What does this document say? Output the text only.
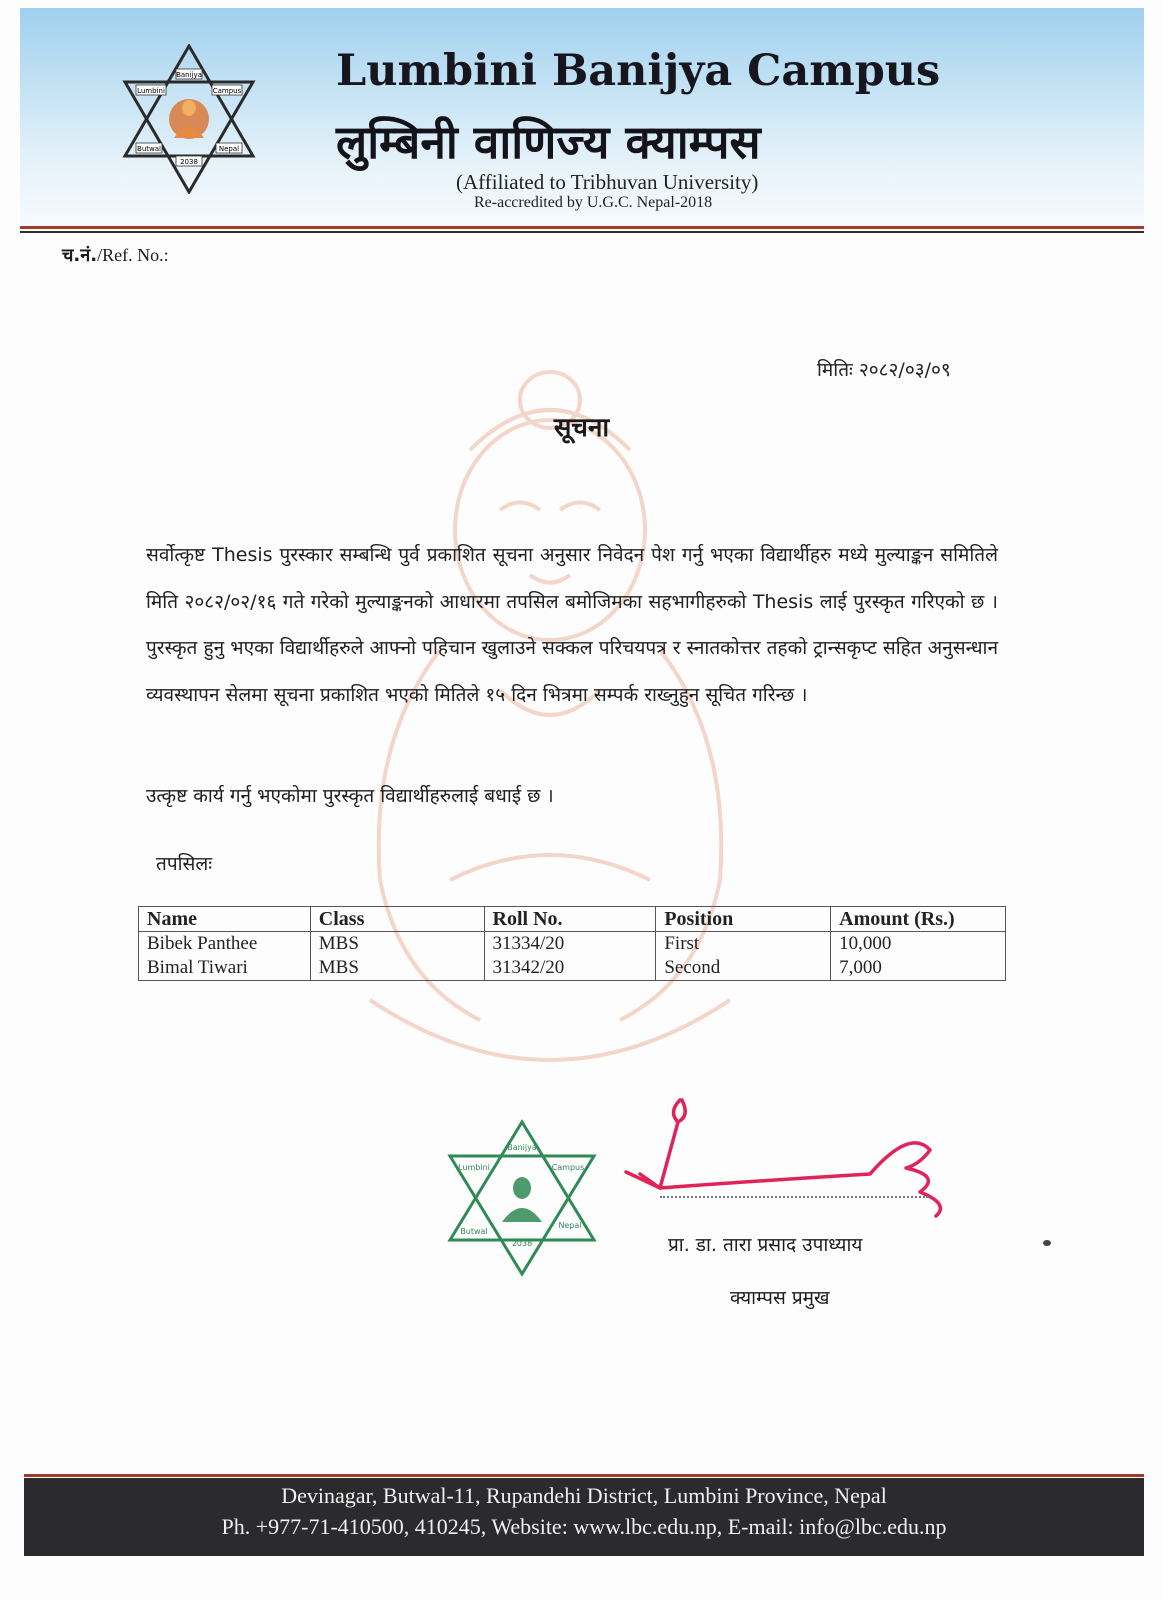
Lumbini
Banijya
Campus
Butwal	Nepal
2038
Lumbini Banijya Campus
लुम्बिनी वाणिज्य क्याम्पस
(Affiliated to Tribhuvan University)
Re-accredited by U.G.C. Nepal-2018
च.नं./Ref. No.:
मितिः २०८२/०३/०९
सूचना
सर्वोत्कृष्ट Thesis पुरस्कार सम्बन्धि पुर्व प्रकाशित सूचना अनुसार निवेदन पेश गर्नु भएका विद्यार्थीहरु मध्ये मुल्याङ्कन समितिले मिति २०८२/०२/१६ गते गरेको मुल्याङ्कनको आधारमा तपसिल बमोजिमका सहभागीहरुको Thesis लाई पुरस्कृत गरिएको छ । पुरस्कृत हुनु भएका विद्यार्थीहरुले आफ्नो पहिचान खुलाउने सक्कल परिचयपत्र र स्नातकोत्तर तहको ट्रान्सकृप्ट सहित अनुसन्धान व्यवस्थापन सेलमा सूचना प्रकाशित भएको मितिले १५ दिन भित्रमा सम्पर्क राख्नुहुन सूचित गरिन्छ ।
उत्कृष्ट कार्य गर्नु भएकोमा पुरस्कृत विद्यार्थीहरुलाई बधाई छ ।
तपसिलः
Name	Class	Roll No.	Position	Amount (Rs.)
Bibek Panthee	MBS	31334/20	First	10,000
Bimal Tiwari	MBS	31342/20	Second	7,000
Lumbini
Banijya
Campus
Butwal
Nepal
2038	प्रा. डा. तारा प्रसाद उपाध्याय
क्याम्पस प्रमुख
Devinagar, Butwal-11, Rupandehi District, Lumbini Province, Nepal
Ph. +977-71-410500, 410245, Website: www.lbc.edu.np, E-mail: info@lbc.edu.np
